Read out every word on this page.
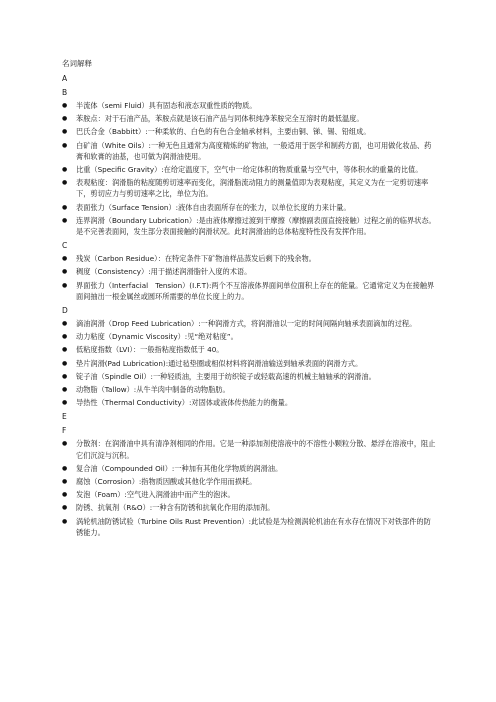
名词解释
A
B
● 半流体（semi Fluid）具有固态和液态双重性质的物质。
● 苯胺点：对于石油产品，苯胺点就是该石油产品与同体积纯净苯胺完全互溶时的最低温度。
● 巴氏合金（Babbitt）:一种柔软的、白色的有色合金轴承材料，主要由铜、锑、锡、铅组成。
● 白矿油（White Oils）:一种无色且通常为高度精炼的矿物油，一般适用于医学和制药方面，也可用做化妆品、药膏和软膏的油基，也可做为润滑油使用。
● 比重（Specific Gravity）:在给定温度下，空气中一给定体积的物质重量与空气中，等体积水的重量的比值。
● 表观粘度：润滑脂的粘度随剪切速率而变化，润滑脂流动阻力的测量值即为表观粘度，其定义为在一定剪切速率下，剪切应力与剪切速率之比，单位为泊。
● 表面张力（Surface Tension）:液体自由表面所存在的张力，以单位长度的力来计量。
● 连界润滑（Boundary Lubrication）:是由液体摩擦过渡到干摩擦（摩擦副表面直接接触）过程之前的临界状态。是不完善表面间，发生部分表面接触的润滑状况。此时润滑油的总体粘度特性没有发挥作用。
C
● 残炭（Carbon Residue）：在特定条件下矿物油样品蒸发后剩下的残余物。
● 稠度（Consistency）:用于描述润滑脂针入度的术语。
● 界面张力（Interfacial　Tension）(I.F.T):两个不互溶液体界面间单位面积上存在的能量。它通常定义为在接触界面间抽出一根金属丝或圆环所需要的单位长度上的力。
D
● 滴油润滑（Drop Feed Lubrication）:一种润滑方式，将润滑油以一定的时间间隔向轴承表面滴加的过程。
● 动力粘度（Dynamic Viscosity）:见“绝对粘度”。
● 低粘度指数（LVI）：一般指粘度指数低于 40。
● 垫片润滑(Pad Lubrication):通过毡垫圈或相似材料将润滑油输送到轴承表面的润滑方式。
● 锭子油（Spindle Oil）:一种轻质油，主要用于纺织锭子或轻载高速的机械主轴轴承的润滑油。
● 动物脂（Tallow）:从牛羊肉中制备的动物脂肪。
● 导热性（Thermal Conductivity）:对固体或液体传热能力的衡量。
E
F
● 分散剂：在润滑油中具有清净剂相同的作用。它是一种添加剂使溶液中的不溶性小颗粒分散、悬浮在溶液中，阻止它们沉淀与沉积。
● 复合油（Compounded Oil）:一种加有其他化学物质的润滑油。
● 腐蚀（Corrosion）:指物质因酸或其他化学作用而损耗。
● 发泡（Foam）:空气进入润滑油中而产生的泡沫。
● 防锈、抗氧剂（R&O）:一种含有防锈和抗氧化作用的添加剂。
● 涡轮机油防锈试验（Turbine Oils Rust Prevention）:此试验是为检测涡轮机油在有水存在情况下对铁部件的防锈能力。
